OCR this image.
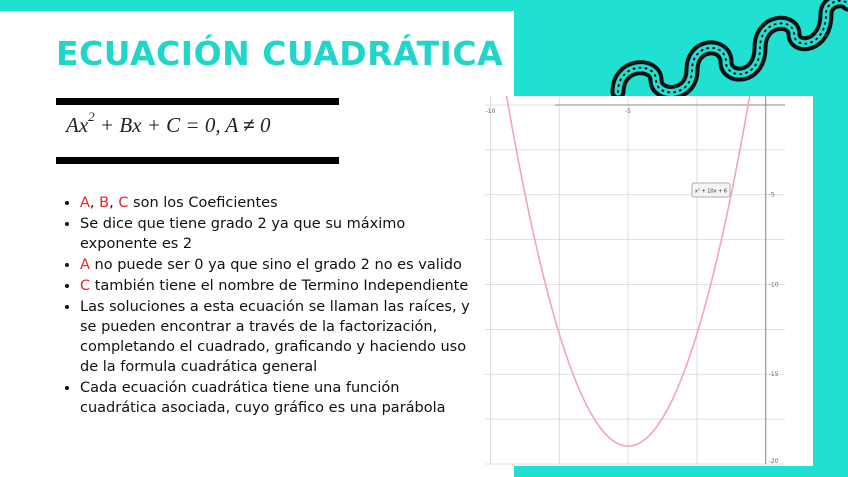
ECUACIÓN CUADRÁTICA
$Ax^2 + Bx + C = 0$, A ≠ 0
• A, B, C son los Coeficientes
• Se dice que tiene grado 2 ya que su máximo exponente es 2
• A no puede ser 0 ya que sino el grado 2 no es valido
• C también tiene el nombre de Termino Independiente
• Las soluciones a esta ecuación se llaman las raíces, y se pueden encontrar a través de la factorización, completando el cuadrado, graficando y haciendo uso de la formula cuadrática general
• Cada ecuación cuadrática tiene una función cuadrática asociada, cuyo gráfico es una parábola
-10	-5
-5
-10
-15
-20
x² + 10x + 6
